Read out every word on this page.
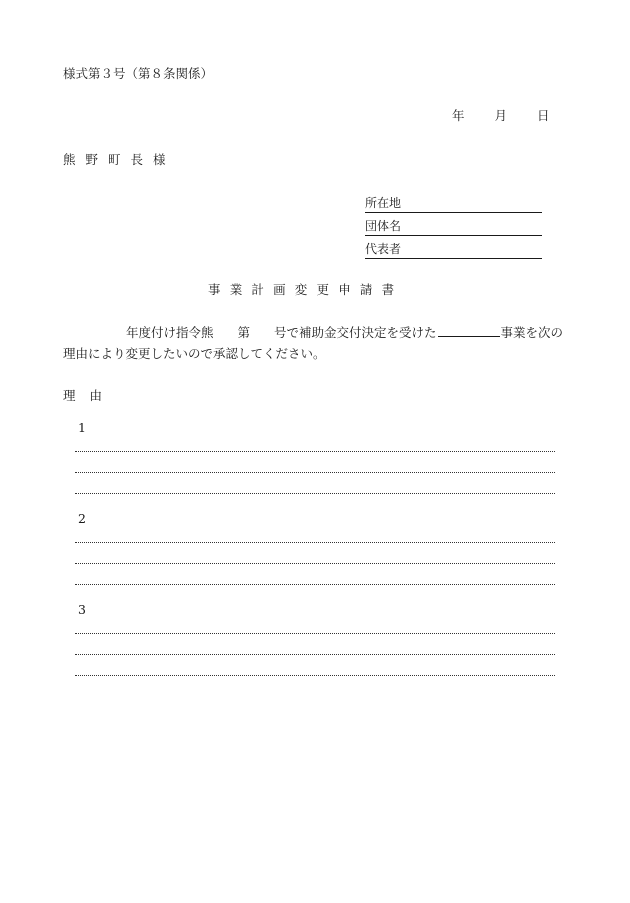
様式第３号（第８条関係）
年 月 日
熊野町長様
所在地
団体名
代表者
事業計画変更申請書
年度付け指令熊 第 号で補助金交付決定を受けた	事業を次の
理由により変更したいので承認してください。
理由
1
2
3
